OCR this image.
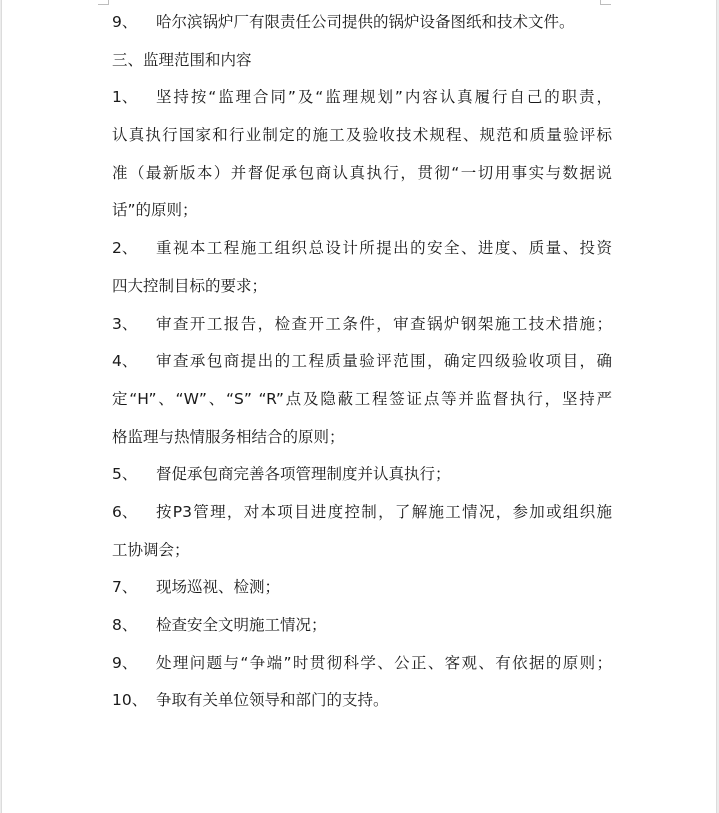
9、 哈尔滨锅炉厂有限责任公司提供的锅炉设备图纸和技术文件。
三、监理范围和内容
1、 坚持按“监理合同”及“监理规划”内容认真履行自己的职责，
认真执行国家和行业制定的施工及验收技术规程、规范和质量验评标
准（最新版本）并督促承包商认真执行，贯彻“一切用事实与数据说
话”的原则；
2、 重视本工程施工组织总设计所提出的安全、进度、质量、投资
四大控制目标的要求；
3、 审查开工报告，检查开工条件，审查锅炉钢架施工技术措施；
4、 审查承包商提出的工程质量验评范围，确定四级验收项目，确
定“H”、“W”、“S” “R”点及隐蔽工程签证点等并监督执行，坚持严
格监理与热情服务相结合的原则；
5、 督促承包商完善各项管理制度并认真执行；
6、 按P3管理，对本项目进度控制，了解施工情况，参加或组织施
工协调会；
7、 现场巡视、检测；
8、 检查安全文明施工情况；
9、 处理问题与“争端”时贯彻科学、公正、客观、有依据的原则；
10、 争取有关单位领导和部门的支持。
